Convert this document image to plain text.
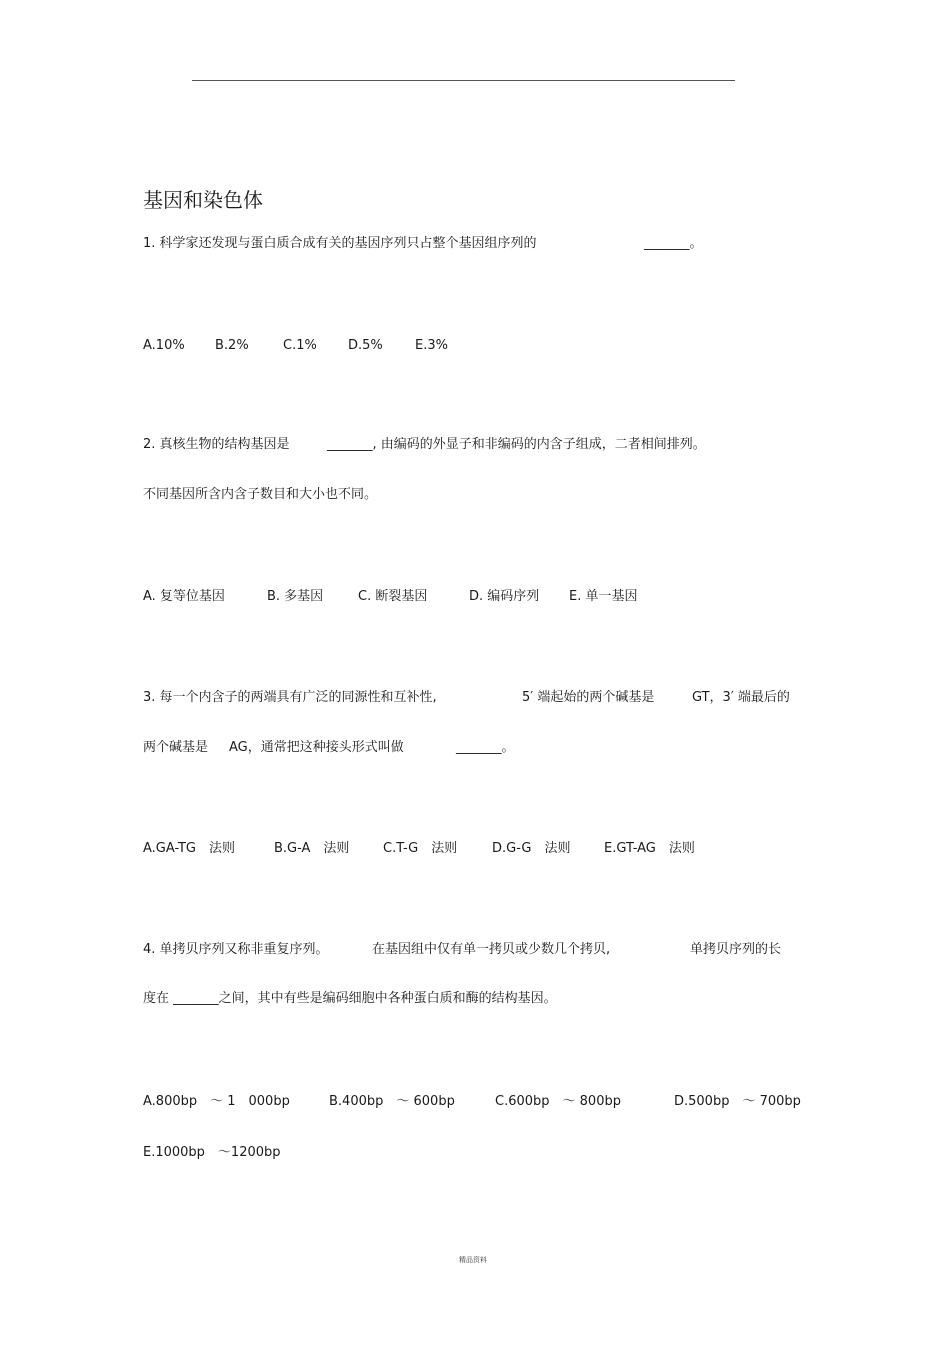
基因和染色体
1. 科学家还发现与蛋白质合成有关的基因序列只占整个基因组序列的	_______。
A.10% B.2%	C.1% D.5% E.3%
2. 真核生物的结构基因是	_______, 由编码的外显子和非编码的内含子组成，二者相间排列。
不同基因所含内含子数目和大小也不同。
A. 复等位基因	B. 多基因	C. 断裂基因	D. 编码序列 E. 单一基因
3. 每一个内含子的两端具有广泛的同源性和互补性,	5′ 端起始的两个碱基是	GT，3′ 端最后的
两个碱基是 AG，通常把这种接头形式叫做	_______。
A.GA-TG　法则	B.G-A　法则	C.T-G　法则	D.G-G　法则	E.GT-AG　法则
4. 单拷贝序列又称非重复序列。	在基因组中仅有单一拷贝或少数几个拷贝,	单拷贝序列的长
度在 _______之间，其中有些是编码细胞中各种蛋白质和酶的结构基因。
A.800bp　～ 1　000bp	B.400bp　～ 600bp	C.600bp　～ 800bp	D.500bp　～ 700bp
E.1000bp　～1200bp
精品资料
